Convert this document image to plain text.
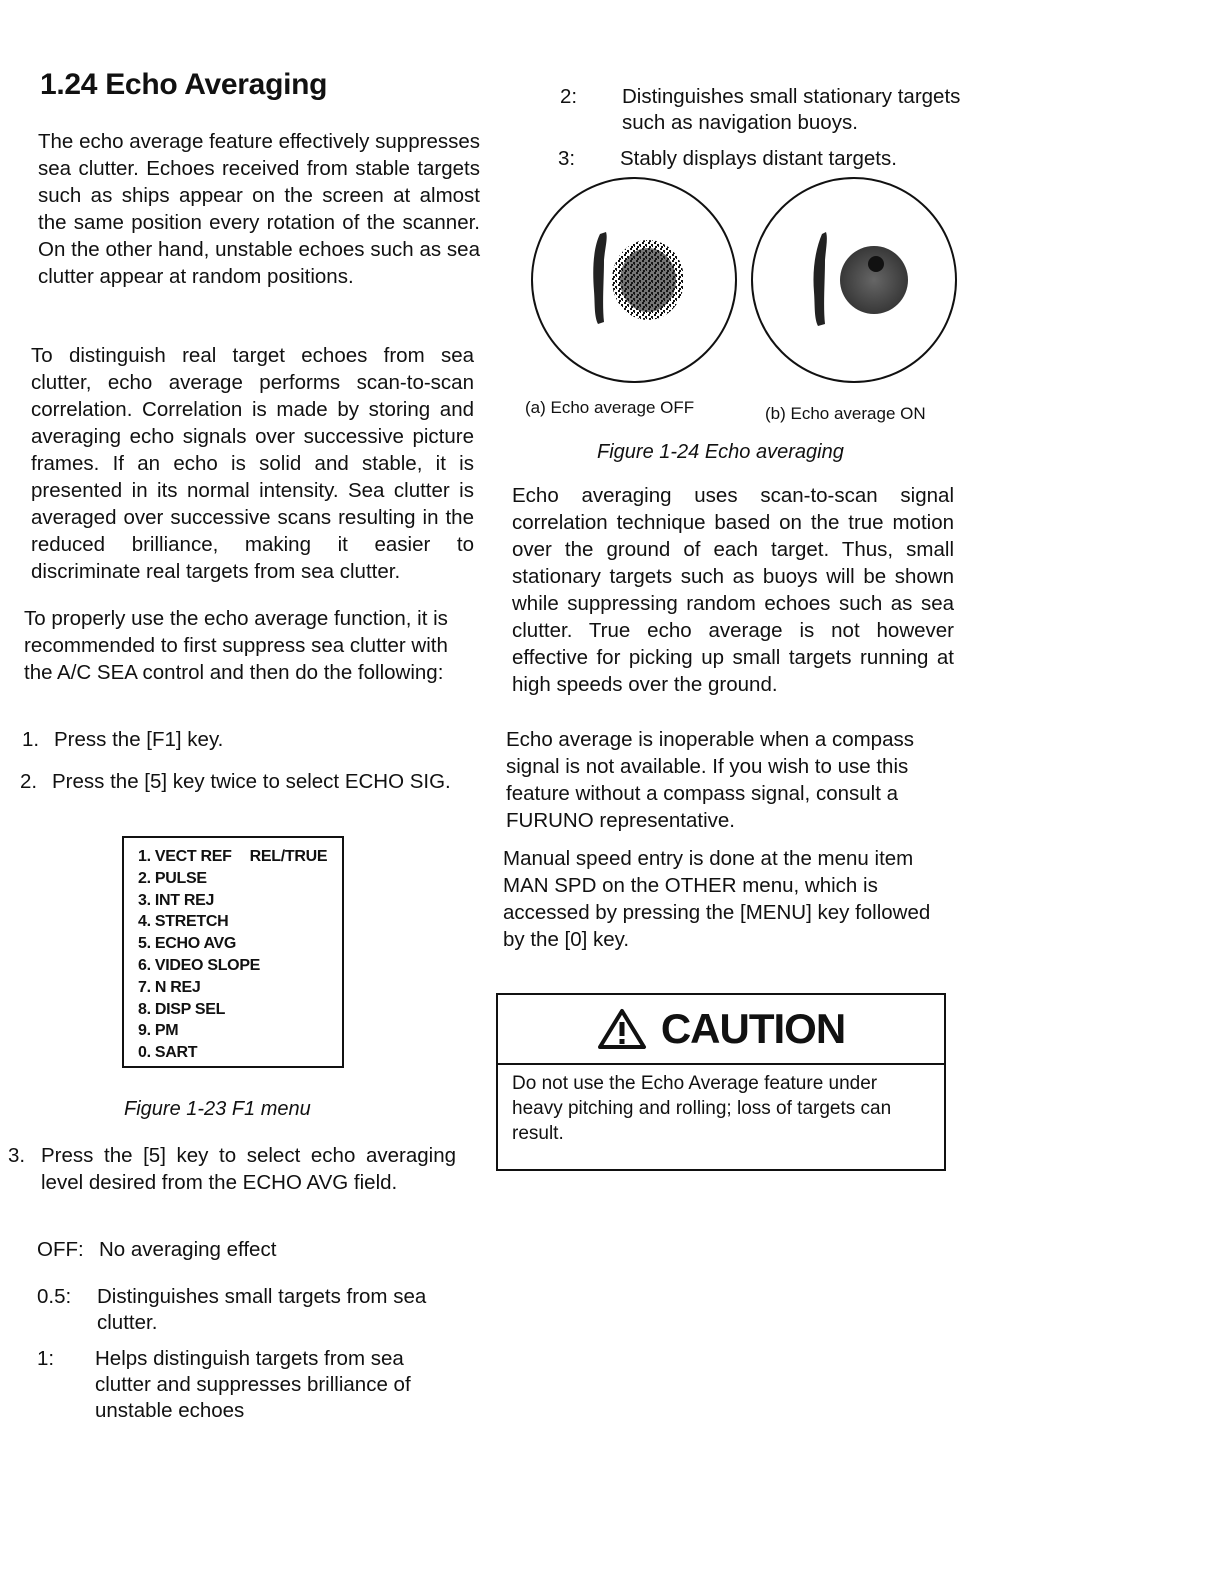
1.24 Echo Averaging

The echo average feature effectively suppresses sea clutter. Echoes received from stable targets such as ships appear on the screen at almost the same position every rotation of the scanner. On the other hand, unstable echoes such as sea clutter appear at random positions.

To distinguish real target echoes from sea clutter, echo average performs scan-to-scan correlation. Correlation is made by storing and averaging echo signals over successive picture frames. If an echo is solid and stable, it is presented in its normal intensity. Sea clutter is averaged over successive scans resulting in the reduced brilliance, making it easier to discriminate real targets from sea clutter.

To properly use the echo average function, it is recommended to first suppress sea clutter with the A/C SEA control and then do the following:

1. Press the [F1] key.
2. Press the [5] key twice to select ECHO SIG.
1. VECT REF REL/TRUE
2. PULSE
3. INT REJ
4. STRETCH
5. ECHO AVG
6. VIDEO SLOPE
7. N REJ
8. DISP SEL
9. PM
0. SART

Figure 1-23 F1 menu

3. Press the [5] key to select echo averaging level desired from the ECHO AVG field.
OFF: No averaging effect
0.5: Distinguishes small targets from sea clutter.
1: Helps distinguish targets from sea clutter and suppresses brilliance of unstable echoes
2: Distinguishes small stationary targets such as navigation buoys.
3: Stably displays distant targets.

(a) Echo average OFF	(b) Echo average ON

Figure 1-24 Echo averaging

Echo averaging uses scan-to-scan signal correlation technique based on the true motion over the ground of each target. Thus, small stationary targets such as buoys will be shown while suppressing random echoes such as sea clutter. True echo average is not however effective for picking up small targets running at high speeds over the ground.

Echo average is inoperable when a compass signal is not available. If you wish to use this feature without a compass signal, consult a FURUNO representative.

Manual speed entry is done at the menu item MAN SPD on the OTHER menu, which is accessed by pressing the [MENU] key followed by the [0] key.

CAUTION

Do not use the Echo Average feature under heavy pitching and rolling; loss of targets can result.
